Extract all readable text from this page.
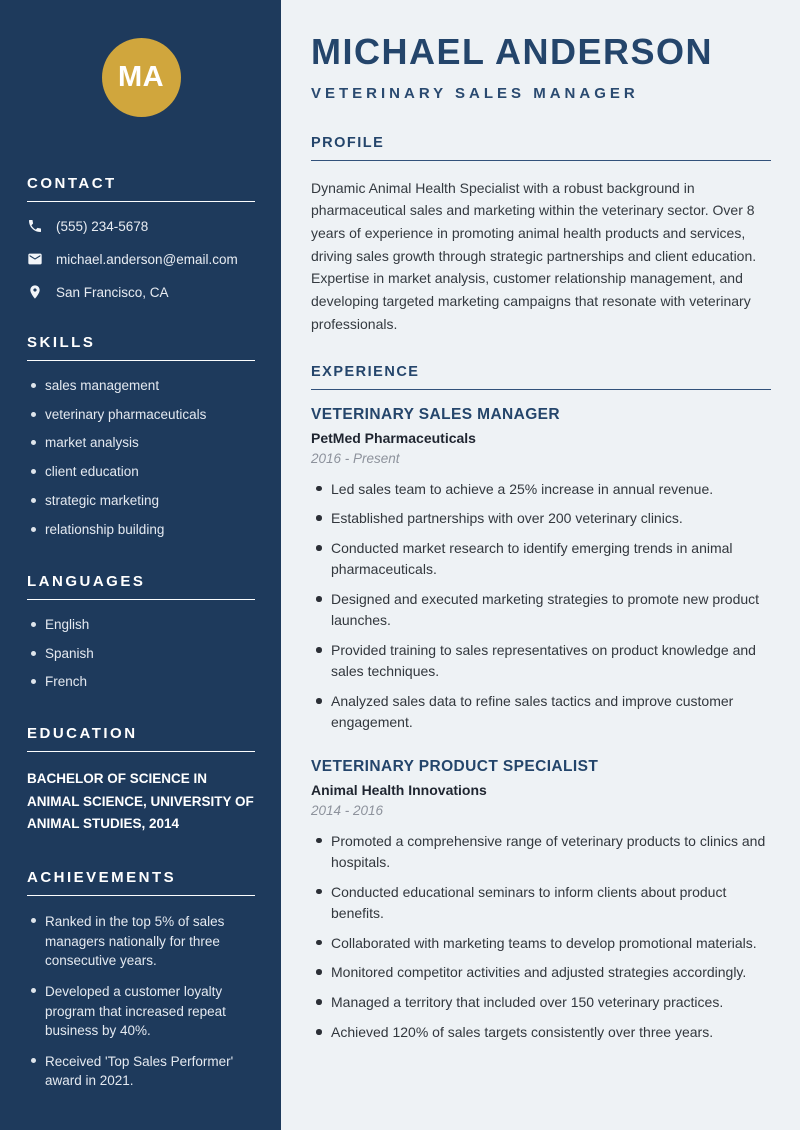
MA
CONTACT
(555) 234-5678
michael.anderson@email.com
San Francisco, CA
SKILLS
sales management
veterinary pharmaceuticals
market analysis
client education
strategic marketing
relationship building
LANGUAGES
English
Spanish
French
EDUCATION
BACHELOR OF SCIENCE IN ANIMAL SCIENCE, UNIVERSITY OF ANIMAL STUDIES, 2014
ACHIEVEMENTS
Ranked in the top 5% of sales managers nationally for three consecutive years.
Developed a customer loyalty program that increased repeat business by 40%.
Received 'Top Sales Performer' award in 2021.
MICHAEL ANDERSON
VETERINARY SALES MANAGER
PROFILE

Dynamic Animal Health Specialist with a robust background in pharmaceutical sales and marketing within the veterinary sector. Over 8 years of experience in promoting animal health products and services, driving sales growth through strategic partnerships and client education. Expertise in market analysis, customer relationship management, and developing targeted marketing campaigns that resonate with veterinary professionals.

EXPERIENCE
VETERINARY SALES MANAGER
PetMed Pharmaceuticals
2016 - Present
Led sales team to achieve a 25% increase in annual revenue.
Established partnerships with over 200 veterinary clinics.
Conducted market research to identify emerging trends in animal pharmaceuticals.
Designed and executed marketing strategies to promote new product launches.
Provided training to sales representatives on product knowledge and sales techniques.
Analyzed sales data to refine sales tactics and improve customer engagement.
VETERINARY PRODUCT SPECIALIST
Animal Health Innovations
2014 - 2016
Promoted a comprehensive range of veterinary products to clinics and hospitals.
Conducted educational seminars to inform clients about product benefits.
Collaborated with marketing teams to develop promotional materials.
Monitored competitor activities and adjusted strategies accordingly.
Managed a territory that included over 150 veterinary practices.
Achieved 120% of sales targets consistently over three years.
